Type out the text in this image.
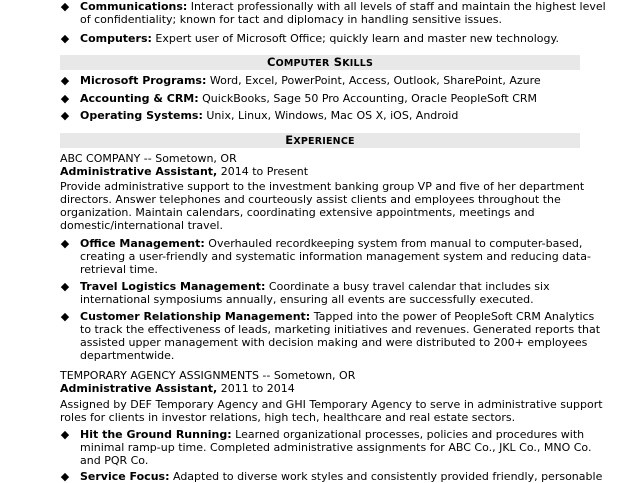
◆ Communications: Interact professionally with all levels of staff and maintain the highest level
of confidentiality; known for tact and diplomacy in handling sensitive issues.
◆ Computers: Expert user of Microsoft Office; quickly learn and master new technology.
COMPUTER SKILLS
◆ Microsoft Programs: Word, Excel, PowerPoint, Access, Outlook, SharePoint, Azure
◆ Accounting & CRM: QuickBooks, Sage 50 Pro Accounting, Oracle PeopleSoft CRM
◆ Operating Systems: Unix, Linux, Windows, Mac OS X, iOS, Android
EXPERIENCE
ABC COMPANY -- Sometown, OR
Administrative Assistant, 2014 to Present
Provide administrative support to the investment banking group VP and five of her department
directors. Answer telephones and courteously assist clients and employees throughout the
organization. Maintain calendars, coordinating extensive appointments, meetings and
domestic/international travel.
◆ Office Management: Overhauled recordkeeping system from manual to computer-based,
creating a user-friendly and systematic information management system and reducing data-
retrieval time.
◆ Travel Logistics Management: Coordinate a busy travel calendar that includes six
international symposiums annually, ensuring all events are successfully executed.
◆ Customer Relationship Management: Tapped into the power of PeopleSoft CRM Analytics
to track the effectiveness of leads, marketing initiatives and revenues. Generated reports that
assisted upper management with decision making and were distributed to 200+ employees
departmentwide.
TEMPORARY AGENCY ASSIGNMENTS -- Sometown, OR
Administrative Assistant, 2011 to 2014
Assigned by DEF Temporary Agency and GHI Temporary Agency to serve in administrative support
roles for clients in investor relations, high tech, healthcare and real estate sectors.
◆ Hit the Ground Running: Learned organizational processes, policies and procedures with
minimal ramp-up time. Completed administrative assignments for ABC Co., JKL Co., MNO Co.
and PQR Co.
◆ Service Focus: Adapted to diverse work styles and consistently provided friendly, personable
